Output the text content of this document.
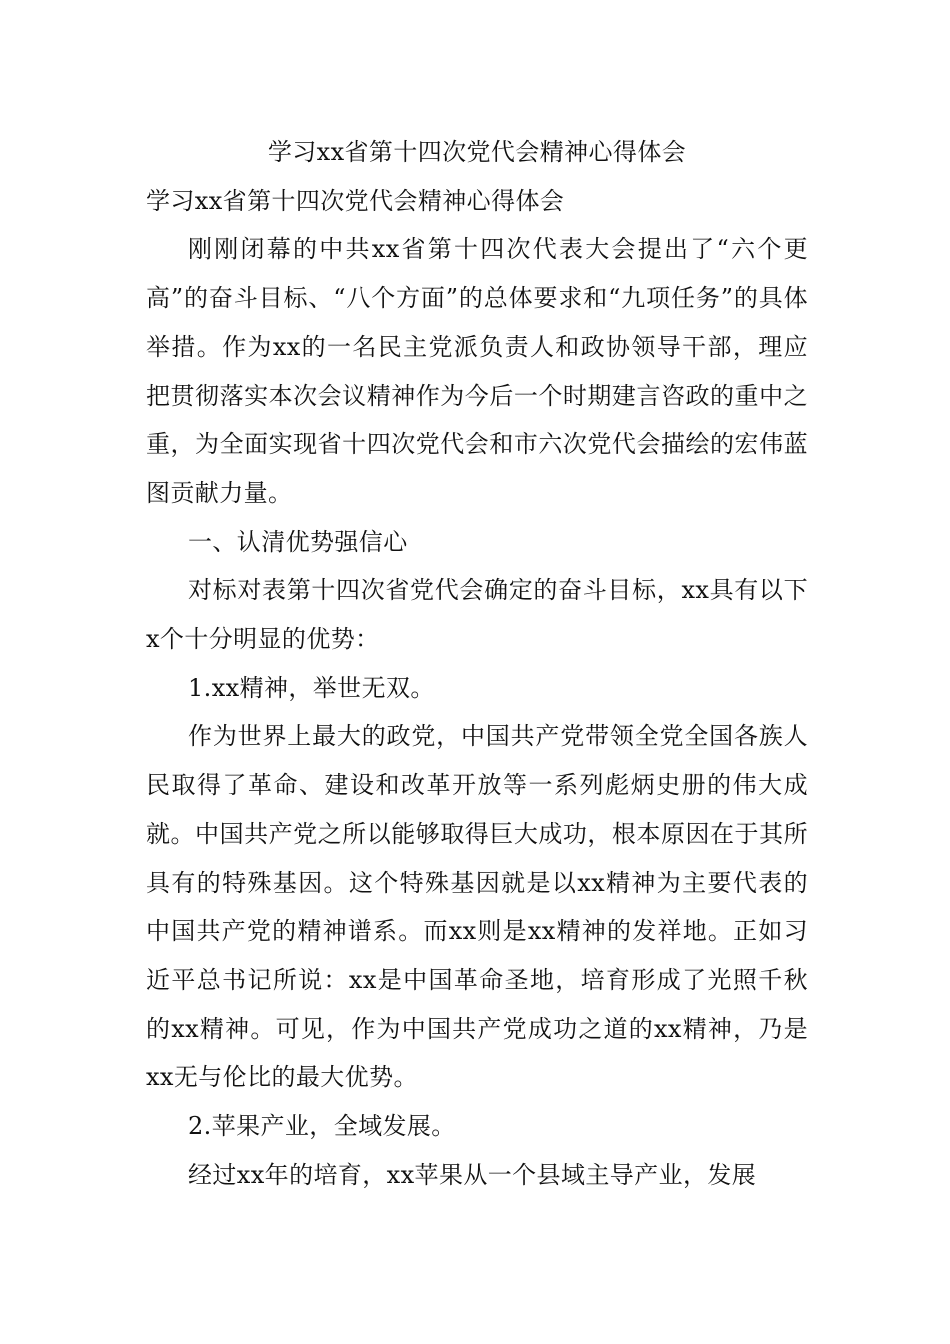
学习xx省第十四次党代会精神心得体会

学习xx省第十四次党代会精神心得体会

刚刚闭幕的中共xx省第十四次代表大会提出了“六个更高”的奋斗目标、“八个方面”的总体要求和“九项任务”的具体举措。作为xx的一名民主党派负责人和政协领导干部，理应把贯彻落实本次会议精神作为今后一个时期建言咨政的重中之重，为全面实现省十四次党代会和市六次党代会描绘的宏伟蓝图贡献力量。

一、认清优势强信心

对标对表第十四次省党代会确定的奋斗目标，xx具有以下x个十分明显的优势：

1.xx精神，举世无双。

作为世界上最大的政党，中国共产党带领全党全国各族人民取得了革命、建设和改革开放等一系列彪炳史册的伟大成就。中国共产党之所以能够取得巨大成功，根本原因在于其所具有的特殊基因。这个特殊基因就是以xx精神为主要代表的中国共产党的精神谱系。而xx则是xx精神的发祥地。正如习近平总书记所说：xx是中国革命圣地，培育形成了光照千秋的xx精神。可见，作为中国共产党成功之道的xx精神，乃是xx无与伦比的最大优势。

2.苹果产业，全域发展。

经过xx年的培育，xx苹果从一个县域主导产业，发展
